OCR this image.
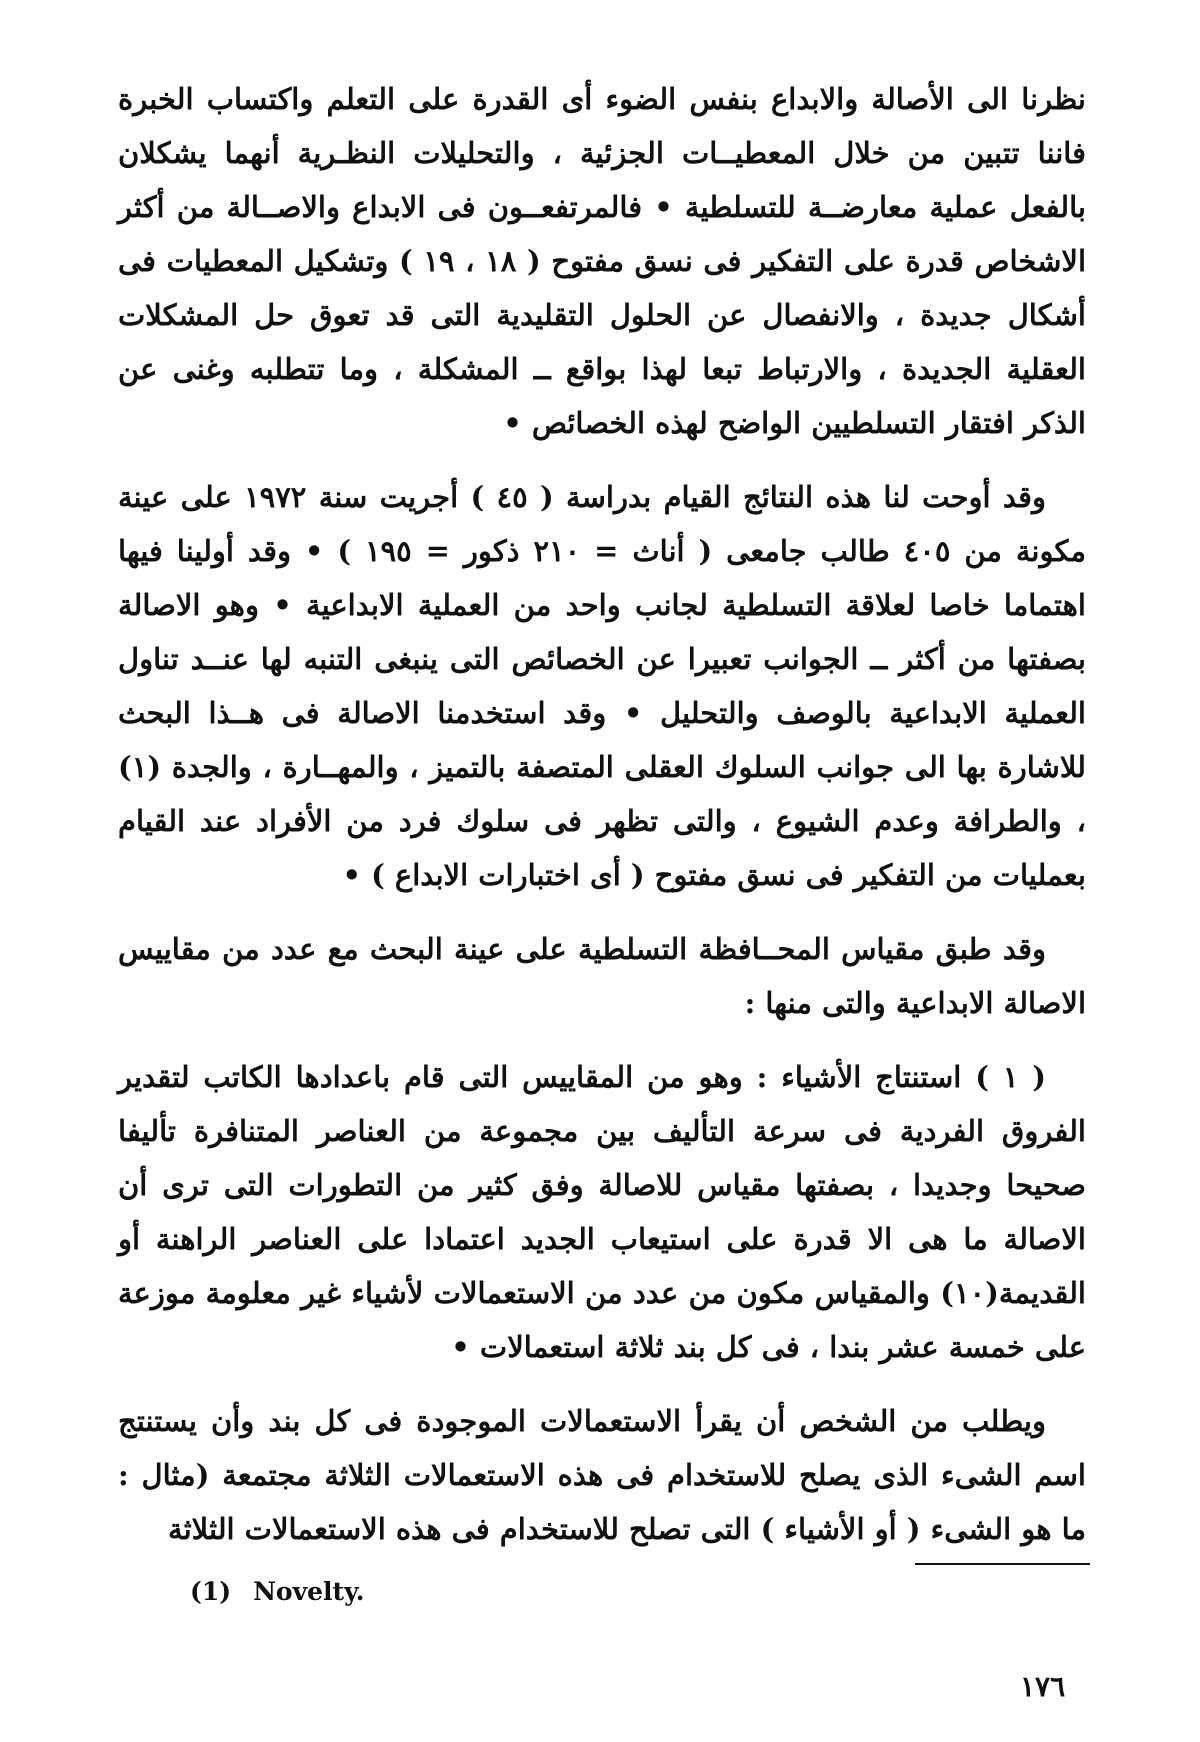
نظرنا الى الأصالة والابداع بنفس الضوء أى القدرة على التعلم واكتساب الخبرة فاننا تتبين من خلال المعطيــات الجزئية ، والتحليلات النظـرية أنهما يشكلان بالفعل عملية معارضــة للتسلطية • فالمرتفعــون فى الابداع والاصــالة من أكثر الاشخاص قدرة على التفكير فى نسق مفتوح ( ١٨ ، ١٩ ) وتشكيل المعطيات فى أشكال جديدة ، والانفصال عن الحلول التقليدية التى قد تعوق حل المشكلات العقلية الجديدة ، والارتباط تبعا لهذا بواقع ــ المشكلة ، وما تتطلبه وغنى عن الذكر افتقار التسلطيين الواضح لهذه الخصائص •

وقد أوحت لنا هذه النتائج القيام بدراسة ( ٤٥ ) أجريت سنة ١٩٧٢ على عينة مكونة من ٤٠٥ طالب جامعى ( أناث = ٢١٠ ذكور = ١٩٥ ) • وقد أولينا فيها اهتماما خاصا لعلاقة التسلطية لجانب واحد من العملية الابداعية • وهو الاصالة بصفتها من أكثر ــ الجوانب تعبيرا عن الخصائص التى ينبغى التنبه لها عنــد تناول العملية الابداعية بالوصف والتحليل • وقد استخدمنا الاصالة فى هــذا البحث للاشارة بها الى جوانب السلوك العقلى المتصفة بالتميز ، والمهــارة ، والجدة (١) ، والطرافة وعدم الشيوع ، والتى تظهر فى سلوك فرد من الأفراد عند القيام بعمليات من التفكير فى نسق مفتوح ( أى اختبارات الابداع ) •

وقد طبق مقياس المحــافظة التسلطية على عينة البحث مع عدد من مقاييس الاصالة الابداعية والتى منها :

( ١ ) استنتاج الأشياء : وهو من المقاييس التى قام باعدادها الكاتب لتقدير الفروق الفردية فى سرعة التأليف بين مجموعة من العناصر المتنافرة تأليفا صحيحا وجديدا ، بصفتها مقياس للاصالة وفق كثير من التطورات التى ترى أن الاصالة ما هى الا قدرة على استيعاب الجديد اعتمادا على العناصر الراهنة أو القديمة(١٠) والمقياس مكون من عدد من الاستعمالات لأشياء غير معلومة موزعة على خمسة عشر بندا ، فى كل بند ثلاثة استعمالات •

ويطلب من الشخص أن يقرأ الاستعمالات الموجودة فى كل بند وأن يستنتج اسم الشىء الذى يصلح للاستخدام فى هذه الاستعمالات الثلاثة مجتمعة (مثال : ما هو الشىء ( أو الأشياء ) التى تصلح للاستخدام فى هذه الاستعمالات الثلاثة

(1) Novelty.
١٧٦
